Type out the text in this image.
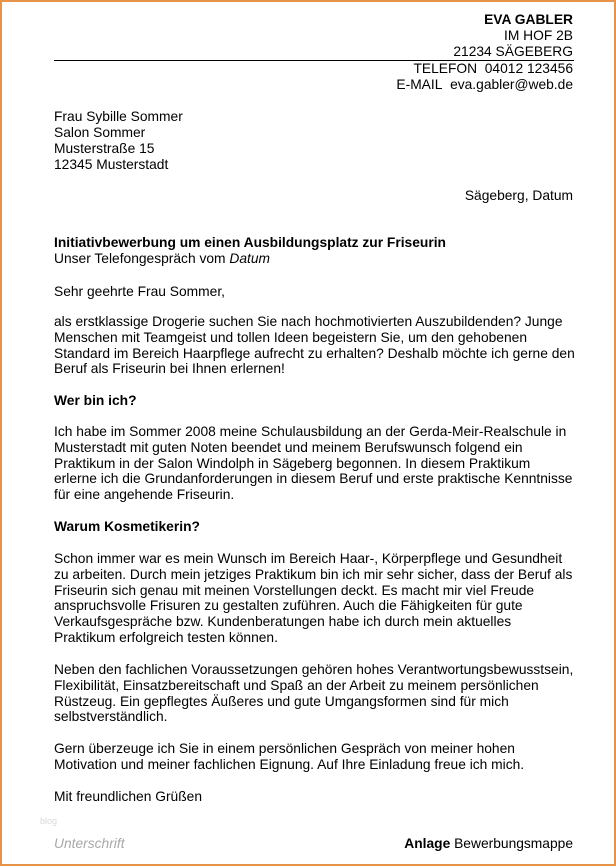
EVA GABLER
IM HOF 2B
21234 SÄGEBERG
TELEFON 04012 123456
E-MAIL eva.gabler@web.de
Frau Sybille Sommer
Salon Sommer
Musterstraße 15
12345 Musterstadt
Sägeberg, Datum
Initiativbewerbung um einen Ausbildungsplatz zur Friseurin
Unser Telefongespräch vom Datum
Sehr geehrte Frau Sommer,
als erstklassige Drogerie suchen Sie nach hochmotivierten Auszubildenden? Junge
Menschen mit Teamgeist und tollen Ideen begeistern Sie, um den gehobenen
Standard im Bereich Haarpflege aufrecht zu erhalten? Deshalb möchte ich gerne den
Beruf als Friseurin bei Ihnen erlernen!
Wer bin ich?
Ich habe im Sommer 2008 meine Schulausbildung an der Gerda-Meir-Realschule in
Musterstadt mit guten Noten beendet und meinem Berufswunsch folgend ein
Praktikum in der Salon Windolph in Sägeberg begonnen. In diesem Praktikum
erlerne ich die Grundanforderungen in diesem Beruf und erste praktische Kenntnisse
für eine angehende Friseurin.
Warum Kosmetikerin?
Schon immer war es mein Wunsch im Bereich Haar-, Körperpflege und Gesundheit
zu arbeiten. Durch mein jetziges Praktikum bin ich mir sehr sicher, dass der Beruf als
Friseurin sich genau mit meinen Vorstellungen deckt. Es macht mir viel Freude
anspruchsvolle Frisuren zu gestalten zuführen. Auch die Fähigkeiten für gute
Verkaufsgespräche bzw. Kundenberatungen habe ich durch mein aktuelles
Praktikum erfolgreich testen können.
Neben den fachlichen Voraussetzungen gehören hohes Verantwortungsbewusstsein,
Flexibilität, Einsatzbereitschaft und Spaß an der Arbeit zu meinem persönlichen
Rüstzeug. Ein gepflegtes Äußeres und gute Umgangsformen sind für mich
selbstverständlich.
Gern überzeuge ich Sie in einem persönlichen Gespräch von meiner hohen
Motivation und meiner fachlichen Eignung. Auf Ihre Einladung freue ich mich.
Mit freundlichen Grüßen
blog
Unterschrift	Anlage Bewerbungsmappe
